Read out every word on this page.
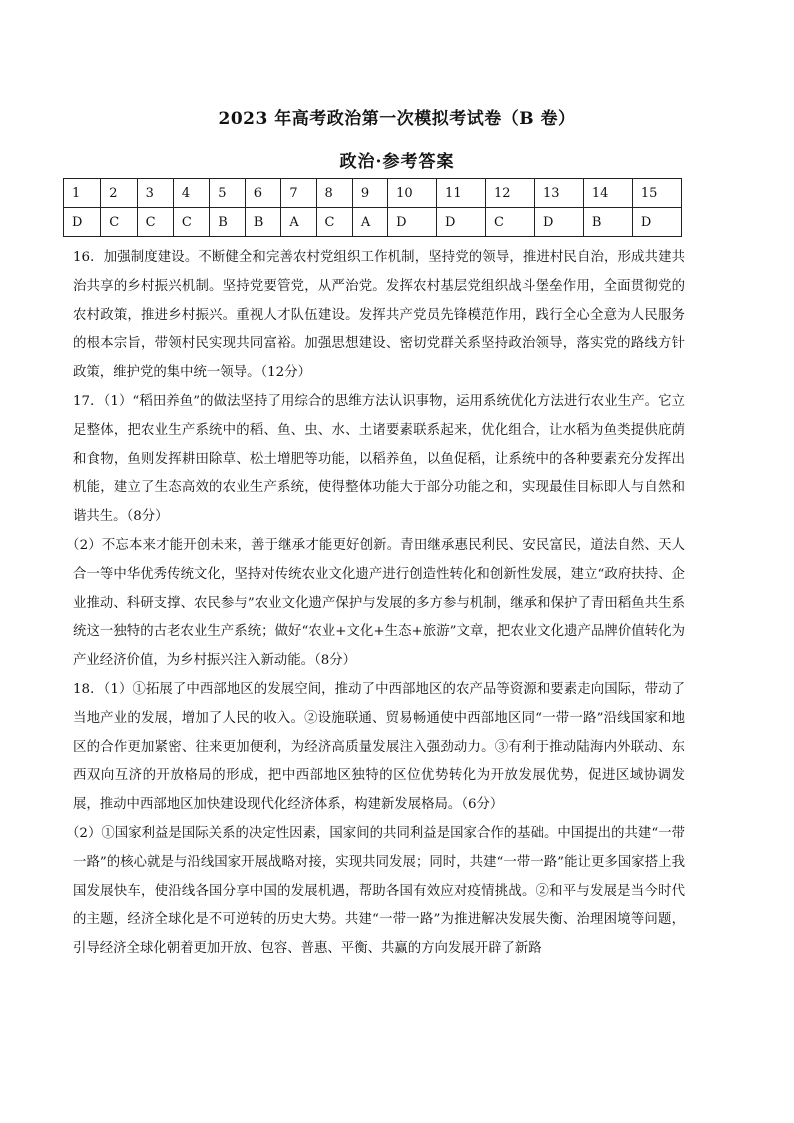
2023 年高考政治第一次模拟考试卷（B 卷）
政治·参考答案
1	2	3	4	5	6	7	8	9	10	11	12	13	14	15
D	C	C	C	B	B	A	C	A	D	D	C	D	B	D

16．加强制度建设。不断健全和完善农村党组织工作机制，坚持党的领导，推进村民自治，形成共建共治共享的乡村振兴机制。坚持党要管党，从严治党。发挥农村基层党组织战斗堡垒作用，全面贯彻党的农村政策，推进乡村振兴。重视人才队伍建设。发挥共产党员先锋模范作用，践行全心全意为人民服务的根本宗旨，带领村民实现共同富裕。加强思想建设、密切党群关系坚持政治领导，落实党的路线方针政策，维护党的集中统一领导。（12分）

17．（1）“稻田养鱼”的做法坚持了用综合的思维方法认识事物，运用系统优化方法进行农业生产。它立足整体，把农业生产系统中的稻、鱼、虫、水、土诸要素联系起来，优化组合，让水稻为鱼类提供庇荫和食物，鱼则发挥耕田除草、松土增肥等功能，以稻养鱼，以鱼促稻，让系统中的各种要素充分发挥出机能，建立了生态高效的农业生产系统，使得整体功能大于部分功能之和，实现最佳目标即人与自然和谐共生。（8分）

（2）不忘本来才能开创未来，善于继承才能更好创新。青田继承惠民利民、安民富民，道法自然、天人合一等中华优秀传统文化，坚持对传统农业文化遗产进行创造性转化和创新性发展，建立“政府扶持、企业推动、科研支撑、农民参与”农业文化遗产保护与发展的多方参与机制，继承和保护了青田稻鱼共生系统这一独特的古老农业生产系统；做好“农业+文化+生态+旅游”文章，把农业文化遗产品牌价值转化为产业经济价值，为乡村振兴注入新动能。（8分）

18．（1）①拓展了中西部地区的发展空间，推动了中西部地区的农产品等资源和要素走向国际，带动了当地产业的发展，增加了人民的收入。②设施联通、贸易畅通使中西部地区同“一带一路”沿线国家和地区的合作更加紧密、往来更加便利，为经济高质量发展注入强劲动力。③有利于推动陆海内外联动、东西双向互济的开放格局的形成，把中西部地区独特的区位优势转化为开放发展优势，促进区域协调发展，推动中西部地区加快建设现代化经济体系，构建新发展格局。（6分）

（2）①国家利益是国际关系的决定性因素，国家间的共同利益是国家合作的基础。中国提出的共建“一带一路”的核心就是与沿线国家开展战略对接，实现共同发展；同时，共建“一带一路”能让更多国家搭上我国发展快车，使沿线各国分享中国的发展机遇，帮助各国有效应对疫情挑战。②和平与发展是当今时代的主题，经济全球化是不可逆转的历史大势。共建“一带一路”为推进解决发展失衡、治理困境等问题，引导经济全球化朝着更加开放、包容、普惠、平衡、共赢的方向发展开辟了新路
